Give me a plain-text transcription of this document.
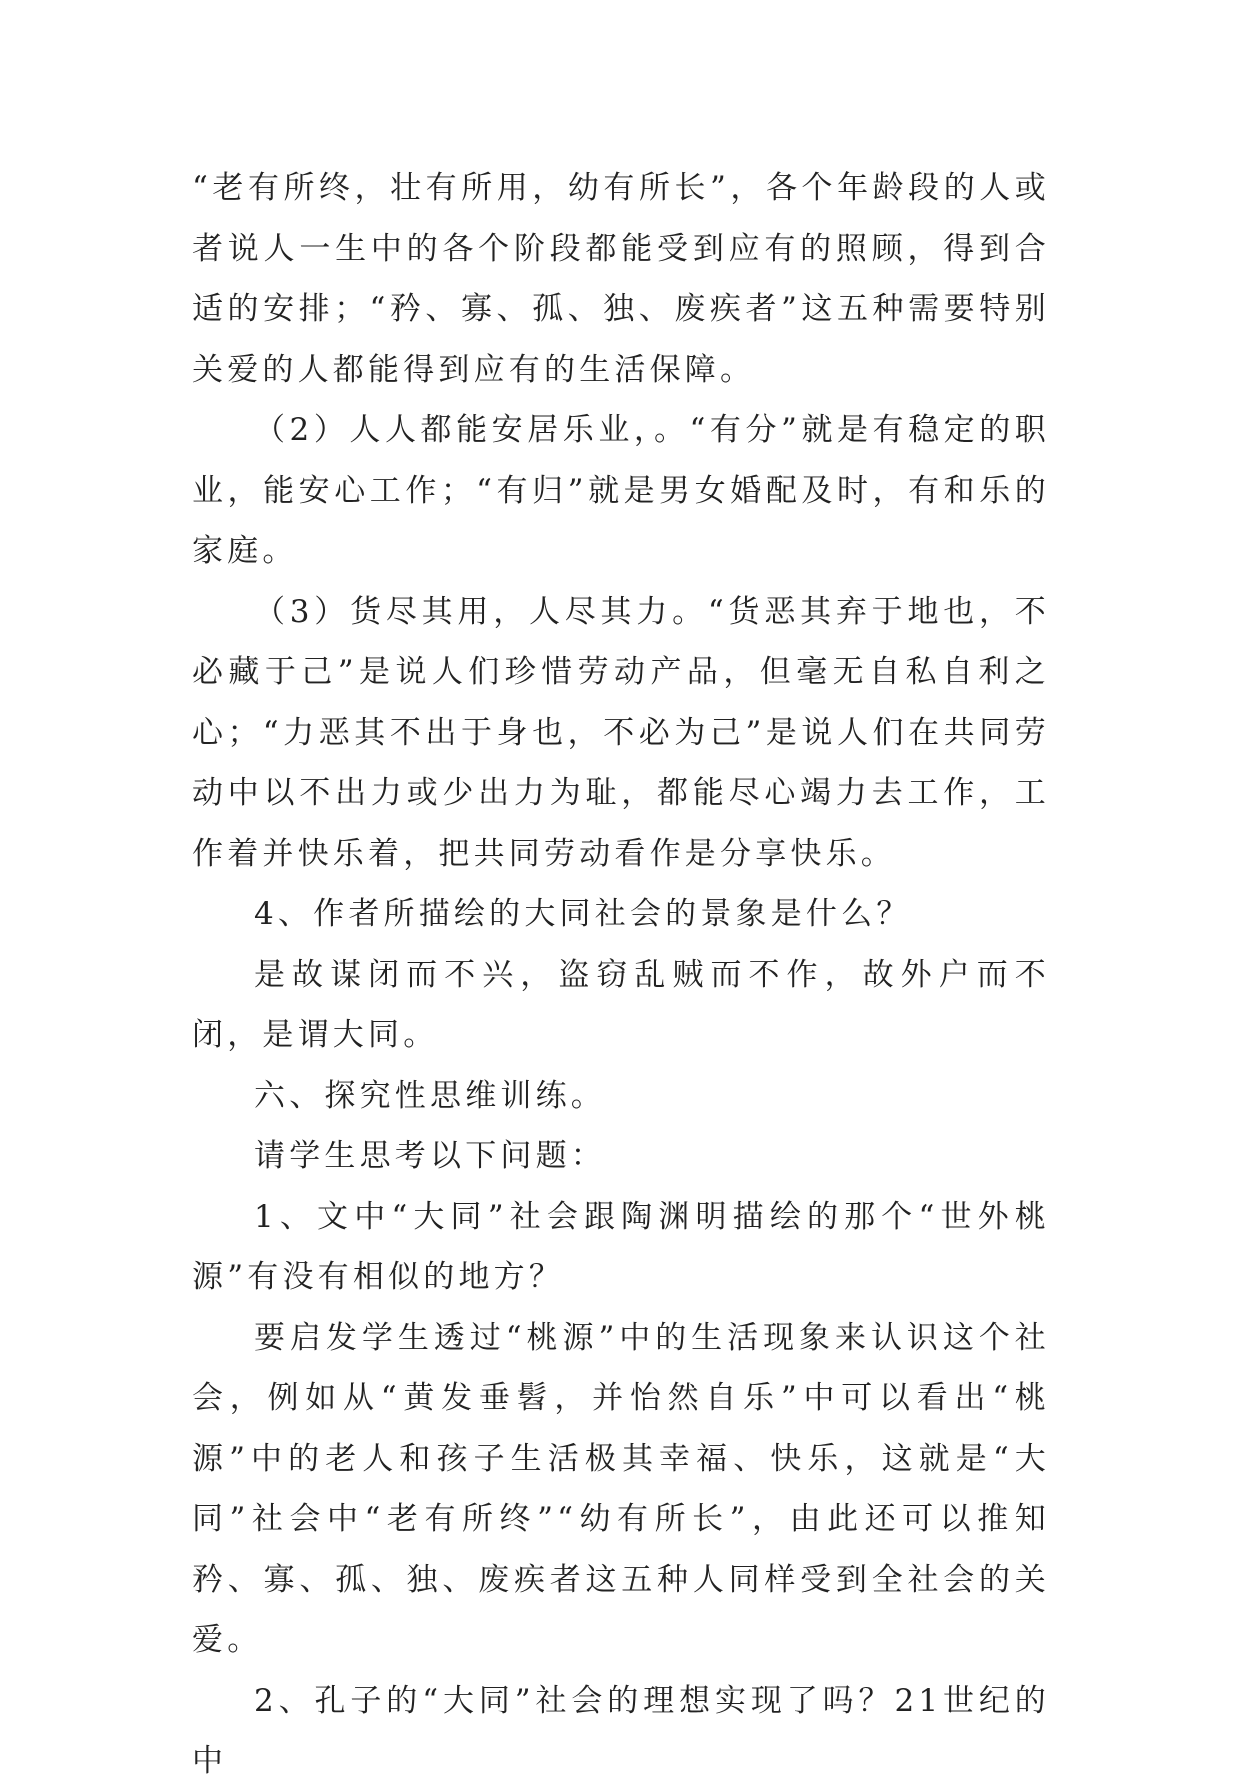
“老有所终，壮有所用，幼有所长”，各个年龄段的人或者说人一生中的各个阶段都能受到应有的照顾，得到合适的安排；“矜、寡、孤、独、废疾者”这五种需要特别关爱的人都能得到应有的生活保障。

（2）人人都能安居乐业，。“有分”就是有稳定的职业，能安心工作；“有归”就是男女婚配及时，有和乐的家庭。

（3）货尽其用，人尽其力。“货恶其弃于地也，不必藏于己”是说人们珍惜劳动产品，但毫无自私自利之心；“力恶其不出于身也，不必为己”是说人们在共同劳动中以不出力或少出力为耻，都能尽心竭力去工作，工作着并快乐着，把共同劳动看作是分享快乐。

4、作者所描绘的大同社会的景象是什么？

是故谋闭而不兴，盗窃乱贼而不作，故外户而不闭，是谓大同。

六、探究性思维训练。

请学生思考以下问题：

1、文中“大同”社会跟陶渊明描绘的那个“世外桃源”有没有相似的地方？

要启发学生透过“桃源”中的生活现象来认识这个社会，例如从“黄发垂髫，并怡然自乐”中可以看出“桃源”中的老人和孩子生活极其幸福、快乐，这就是“大同”社会中“老有所终”“幼有所长”，由此还可以推知矜、寡、孤、独、废疾者这五种人同样受到全社会的关爱。

2、孔子的“大同”社会的理想实现了吗？21世纪的中
